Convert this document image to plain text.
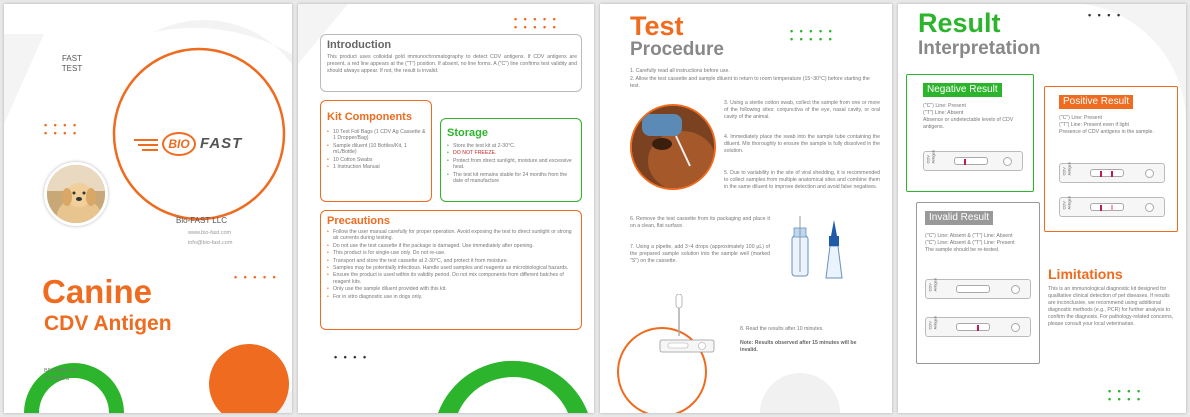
FAST
TEST
• • • •
• • • •
• • • • •
BIO FAST
Bio-FAST LLC
www.bio-fast.com
info@bio-fast.com
Canine
CDV Antigen
BF-CDAG-10
10 TESTS
• • • • •
• • • • •
Introduction
This product uses colloidal gold immunochromatography to detect CDV antigens. If CDV antigens are present, a red line appears at the ("T") position. If absent, no line forms. A ("C") line confirms test validity and should always appear. If not, the result is invalid.
Kit Components
• 10 Test Foil Bags (1 CDV Ag Cassette & 1 Dropper/Bag)
• Sample diluent (10 Bottles/Kit, 1 mL/Bottle)
• 10 Cotton Swabs
• 1 Instruction Manual
Storage
• Store the test kit at 2-30°C.
• DO NOT FREEZE.
• Protect from direct sunlight, moisture and excessive heat.
• The test kit remains stable for 24 months from the date of manufacture
Precautions
• Follow the user manual carefully for proper operation. Avoid exposing the test to direct sunlight or strong air currents during testing.
• Do not use the test cassette if the package is damaged. Use immediately after opening.
• This product is for single-use only. Do not re-use.
• Transport and store the test cassette at 2-30°C, and protect it from moisture.
• Samples may be potentially infectious. Handle used samples and reagents as microbiological hazards.
• Ensure the product is used within its validity period. Do not mix components from different batches of reagent kits.
• Only use the sample diluent provided with this kit.
• For in vitro diagnostic use in dogs only.
• • • •
Test
Procedure
• • • • •
• • • • •
1. Carefully read all instructions before use.
2. Allow the test cassette and sample diluent to return to room temperature (15~30°C) before starting the test.
3. Using a sterile cotton swab, collect the sample from one or more of the following sites: conjunctiva of the eye, nasal cavity, or oral cavity of the animal.
4. Immediately place the swab into the sample tube containing the diluent. Mix thoroughly to ensure the sample is fully dissolved in the solution.
5. Due to variability in the site of viral shedding, it is recommended to collect samples from multiple anatomical sites and combine them in the same diluent to improve detection and avoid false negatives.
6. Remove the test cassette from its packaging and place it on a clean, flat surface.
7. Using a pipette, add 3~4 drops (approximately 100 µL) of the prepared sample solution into the sample well (marked "S") on the cassette.
8. Read the results after 10 minutes.
Note: Results observed after 15 minutes will be invalid.
Result
Interpretation
• • • •
• • • •
• • • •
Negative Result
("C") Line: Present
("T") Line: Absent
Absence or undetectable levels of CDV antigens.
CDV Antigen
Positive Result
("C") Line: Present
("T") Line: Present even if light
Presence of CDV antigens in the sample.
CDV Antigen
CDV Antigen
Invalid Result
("C") Line: Absent & ("T") Line: Absent
("C") Line: Absent & ("T") Line: Present
The sample should be re-tested.
CDV Antigen
CDV Antigen
Limitations
This is an immunological diagnostic kit designed for qualitative clinical detection of pet diseases. If results are inconclusive, we recommend using additional diagnostic methods (e.g., PCR) for further analysis to confirm the diagnosis. For pathology-related concerns, please consult your local veterinarian.
